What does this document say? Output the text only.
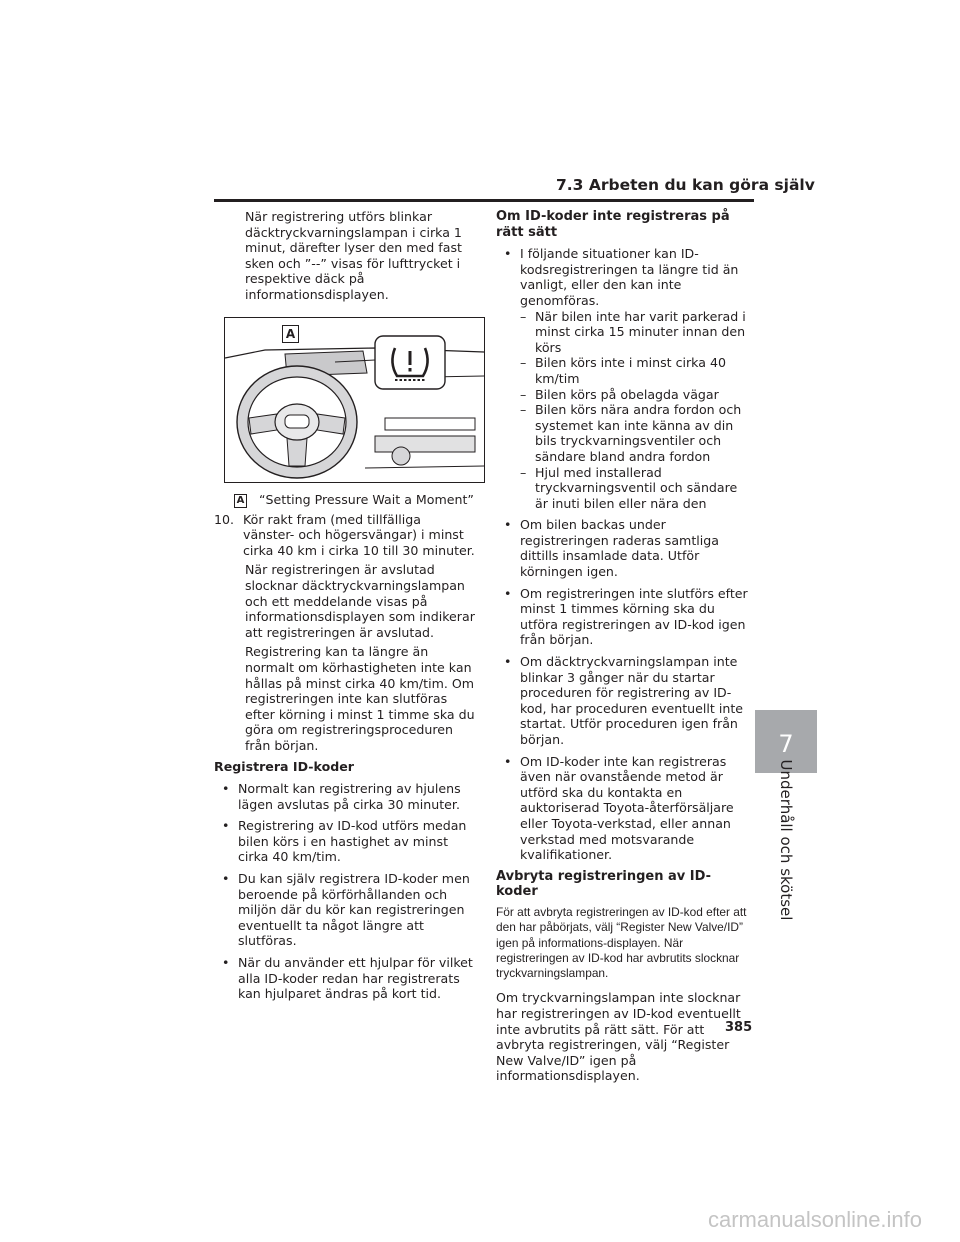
7.3 Arbeten du kan göra själv

När registrering utförs blinkar däcktryckvarningslampan i cirka 1 minut, därefter lyser den med fast sken och ”--” visas för lufttrycket i respektive däck på informationsdisplayen.

A

A “Setting Pressure Wait a Moment”

10. Kör rakt fram (med tillfälliga vänster- och högersvängar) i minst cirka 40 km i cirka 10 till 30 minuter.

När registreringen är avslutad slocknar däcktryckvarningslampan och ett meddelande visas på informationsdisplayen som indikerar att registreringen är avslutad.

Registrering kan ta längre än normalt om körhastigheten inte kan hållas på minst cirka 40 km/tim. Om registreringen inte kan slutföras efter körning i minst 1 timme ska du göra om registreringsproceduren från början.

Registrera ID-koder

• Normalt kan registrering av hjulens lägen avslutas på cirka 30 minuter.
• Registrering av ID-kod utförs medan bilen körs i en hastighet av minst cirka 40 km/tim.
• Du kan själv registrera ID-koder men beroende på körförhållanden och miljön där du kör kan registreringen eventuellt ta något längre att slutföras.
• När du använder ett hjulpar för vilket alla ID-koder redan har registrerats kan hjulparet ändras på kort tid.

Om ID-koder inte registreras på rätt sätt

• I följande situationer kan ID-kodsregistreringen ta längre tid än vanligt, eller den kan inte genomföras.
– När bilen inte har varit parkerad i minst cirka 15 minuter innan den körs
– Bilen körs inte i minst cirka 40 km/tim
– Bilen körs på obelagda vägar
– Bilen körs nära andra fordon och systemet kan inte känna av din bils tryckvarningsventiler och sändare bland andra fordon
– Hjul med installerad tryckvarningsventil och sändare är inuti bilen eller nära den
• Om bilen backas under registreringen raderas samtliga dittills insamlade data. Utför körningen igen.
• Om registreringen inte slutförs efter minst 1 timmes körning ska du utföra registreringen av ID-kod igen från början.
• Om däcktryckvarningslampan inte blinkar 3 gånger när du startar proceduren för registrering av ID-kod, har proceduren eventuellt inte startat. Utför proceduren igen från början.
• Om ID-koder inte kan registreras även när ovanstående metod är utförd ska du kontakta en auktoriserad Toyota-återförsäljare eller Toyota-verkstad, eller annan verkstad med motsvarande kvalifikationer.

Avbryta registreringen av ID-koder

För att avbryta registreringen av ID-kod efter att den har påbörjats, välj “Register New Valve/ID” igen på informations-displayen. När registreringen av ID-kod har avbrutits slocknar tryckvarningslampan.

Om tryckvarningslampan inte slocknar har registreringen av ID-kod eventuellt inte avbrutits på rätt sätt. För att avbryta registreringen, välj “Register New Valve/ID” igen på informationsdisplayen.

7
Underhåll och skötsel
385
carmanualsonline.info
